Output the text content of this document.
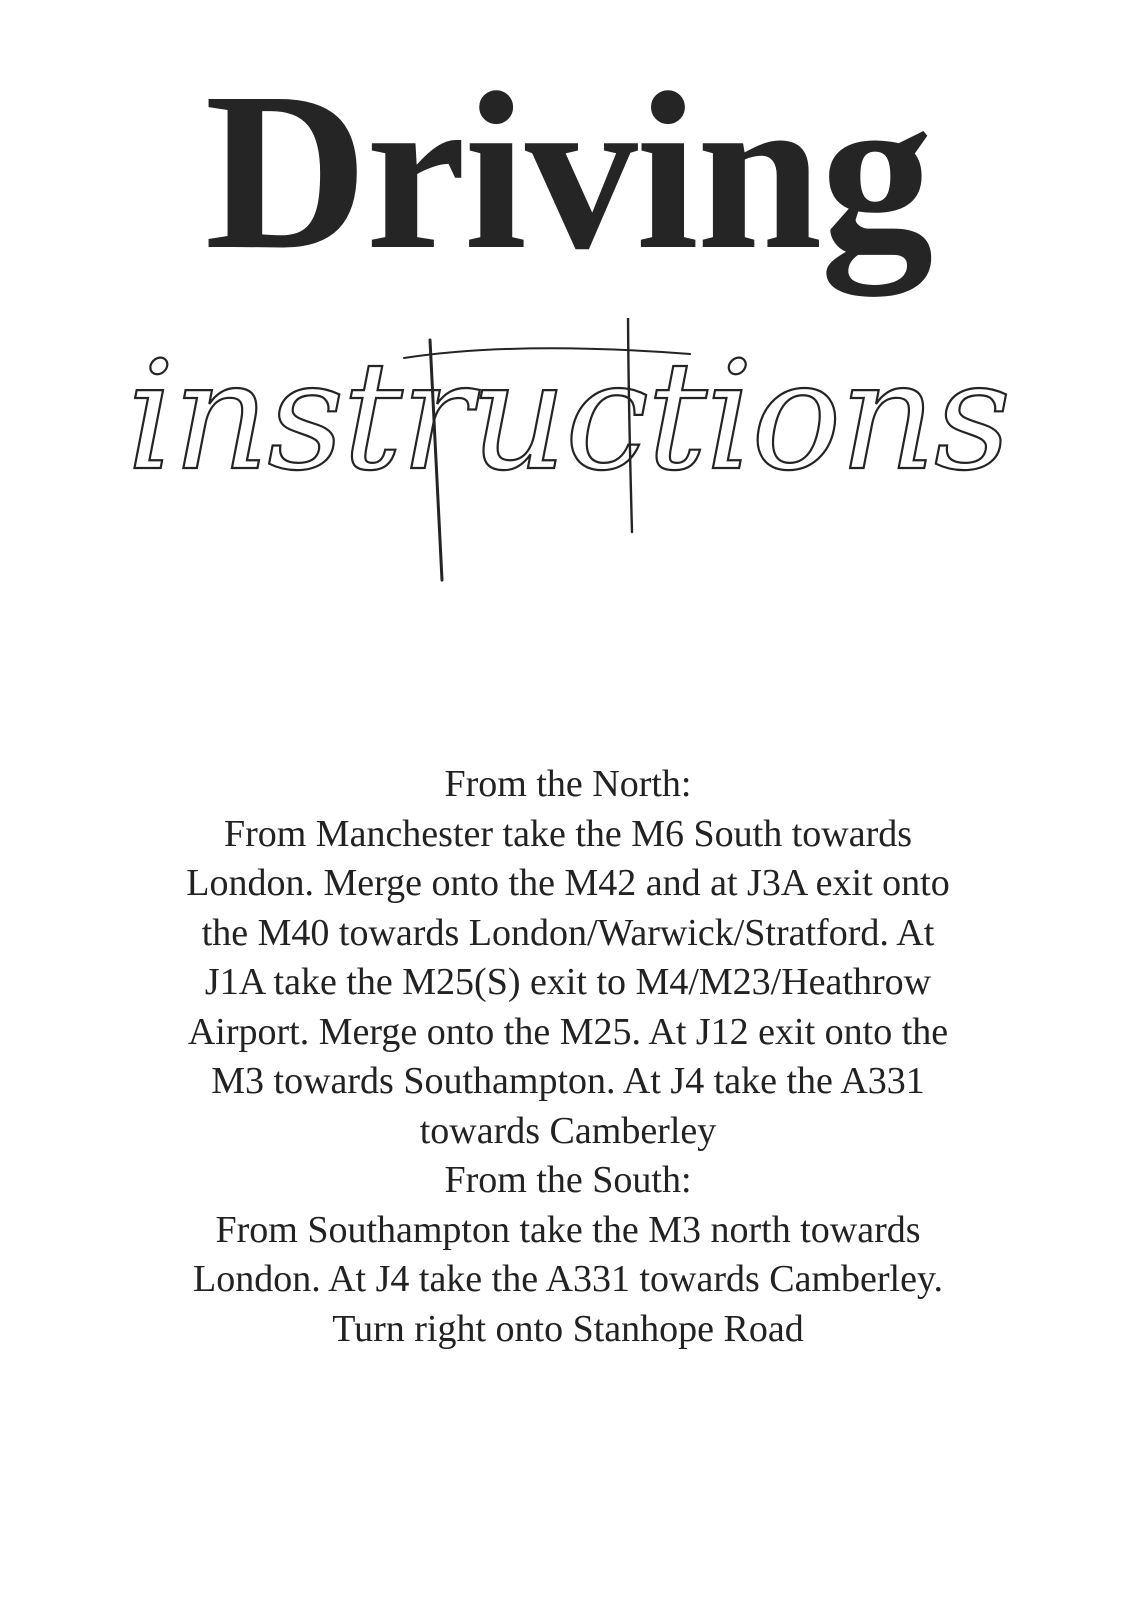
Driving
instructions
From the North:
From Manchester take the M6 South towards
London. Merge onto the M42 and at J3A exit onto
the M40 towards London/Warwick/Stratford. At
J1A take the M25(S) exit to M4/M23/Heathrow
Airport. Merge onto the M25. At J12 exit onto the
M3 towards Southampton. At J4 take the A331
towards Camberley
From the South:
From Southampton take the M3 north towards
London. At J4 take the A331 towards Camberley.
Turn right onto Stanhope Road
